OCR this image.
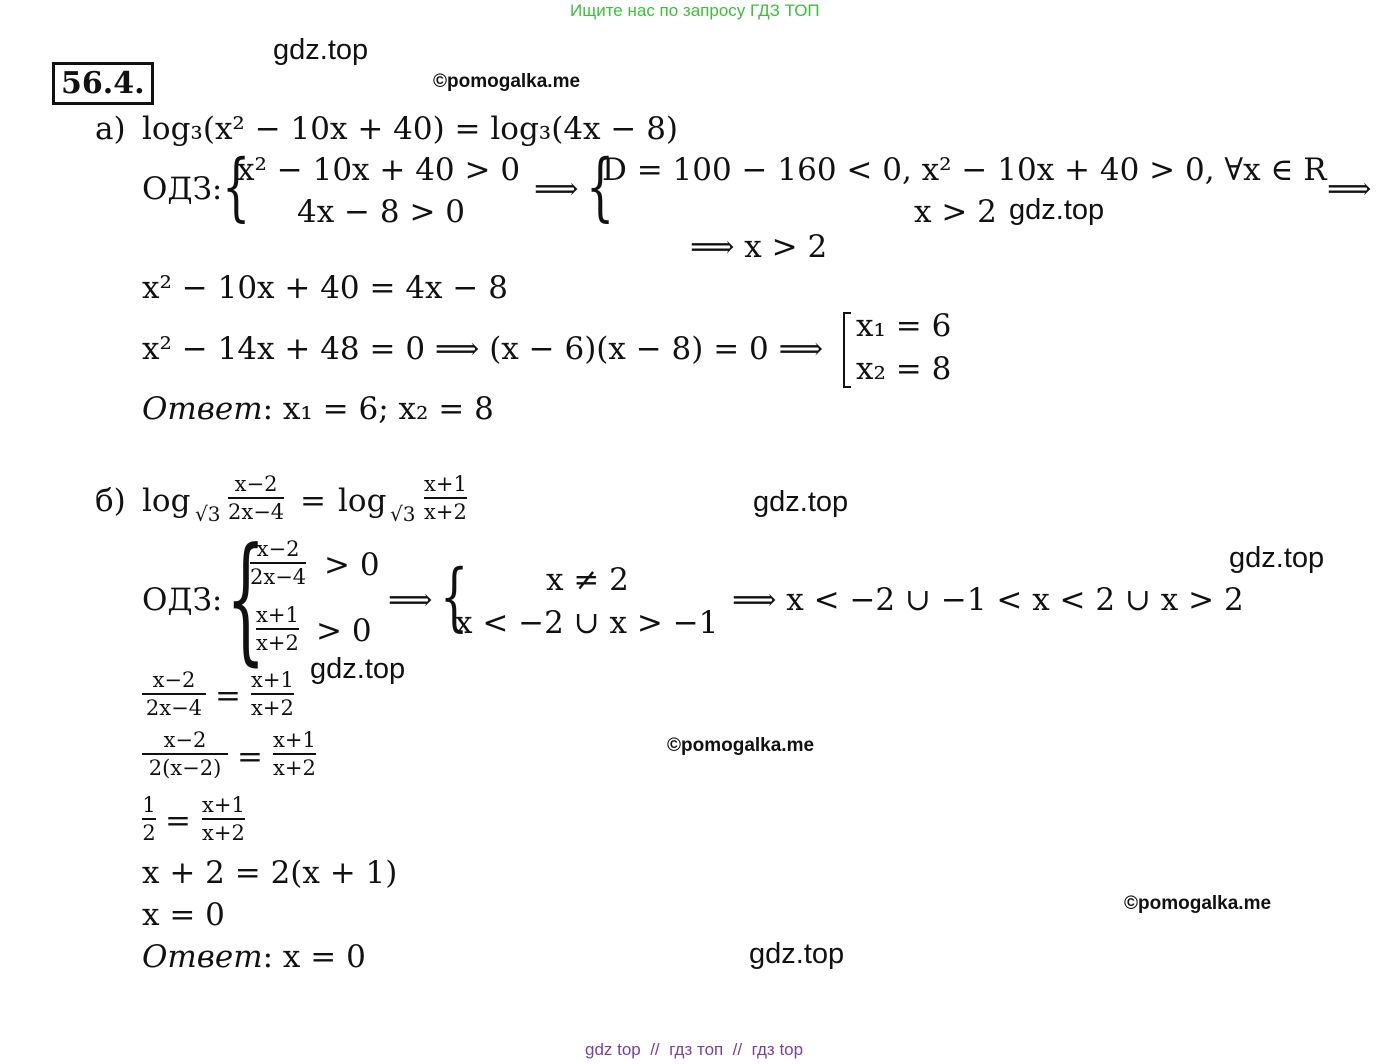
Ищите нас по запросу ГДЗ ТОП
56.4.
gdz.top
©pomogalka.me
а) log₃(x² − 10x + 40) = log₃(4x − 8)
ОДЗ: {
x² − 10x + 40 > 0
4x − 8 > 0
⟹ {
D = 100 − 160 < 0, x² − 10x + 40 > 0, ∀x ∈ R
x > 2 gdz.top
⟹
⟹ x > 2
x² − 10x + 40 = 4x − 8
x² − 14x + 48 = 0 ⟹ (x − 6)(x − 8) = 0 ⟹
x₁ = 6
x₂ = 8
Ответ: x₁ = 6; x₂ = 8
б) log √3
x−2
2x−4 = log √3
x+1
x+2	gdz.top
gdz.top
ОДЗ: {
x−2
2x−4 > 0
x+1
x+2 > 0
⟹ {	x ≠ 2
x < −2 ∪ x > −1
⟹ x < −2 ∪ −1 < x < 2 ∪ x > 2
gdz.top
x−2
2x−4 = x+1
x+2
x−2
2(x−2) = x+1
x+2
©pomogalka.me
1
2 = x+1
x+2
x + 2 = 2(x + 1)
x = 0	©pomogalka.me
Ответ: x = 0	gdz.top
gdz top  //  гдз топ  //  гдз top
